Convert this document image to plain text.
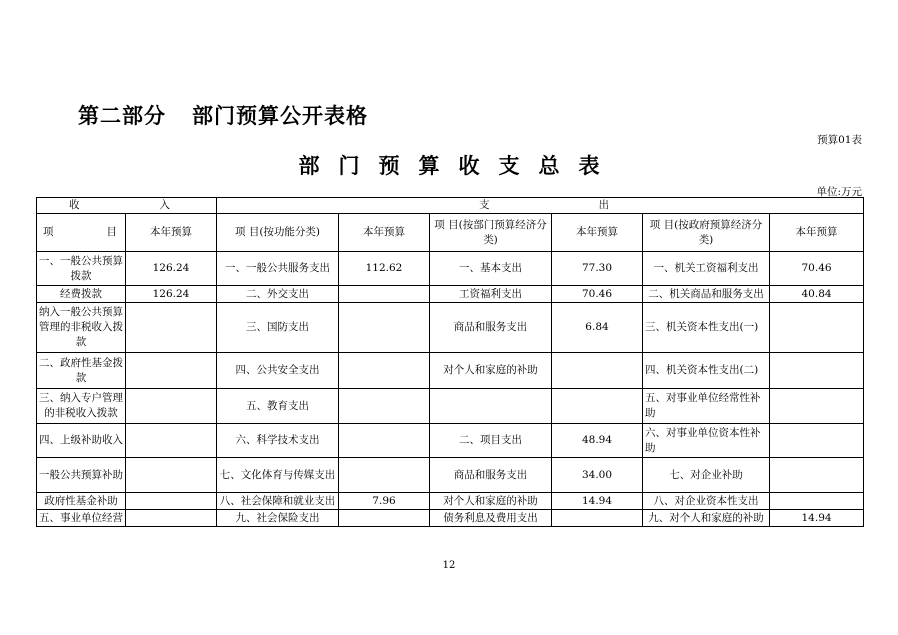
第二部分 部门预算公开表格
预算01表
部门预算收支总表
单位:万元
收 入		支 出					

项 目	本年预算	项 目(按功能分类)	本年预算	项 目(按部门预算经济分类)	本年预算	项 目(按政府预算经济分类)	本年预算
一、一般公共预算拨款	126.24	一、一般公共服务支出	112.62	一、基本支出	77.30	一、机关工资福利支出	70.46
经费拨款	126.24	二、外交支出		工资福利支出	70.46	二、机关商品和服务支出	40.84
纳入一般公共预算管理的非税收入拨款		三、国防支出		商品和服务支出	6.84	三、机关资本性支出(一)	
二、政府性基金拨款		四、公共安全支出		对个人和家庭的补助		四、机关资本性支出(二)	
三、纳入专户管理的非税收入拨款		五、教育支出				五、对事业单位经常性补助	
四、上级补助收入		六、科学技术支出		二、项目支出	48.94	六、对事业单位资本性补助	
一般公共预算补助		七、文化体育与传媒支出		商品和服务支出	34.00	七、对企业补助	
政府性基金补助		八、社会保障和就业支出	7.96	对个人和家庭的补助	14.94	八、对企业资本性支出	
五、事业单位经营		九、社会保险支出		债务利息及费用支出		九、对个人和家庭的补助	14.94
12
